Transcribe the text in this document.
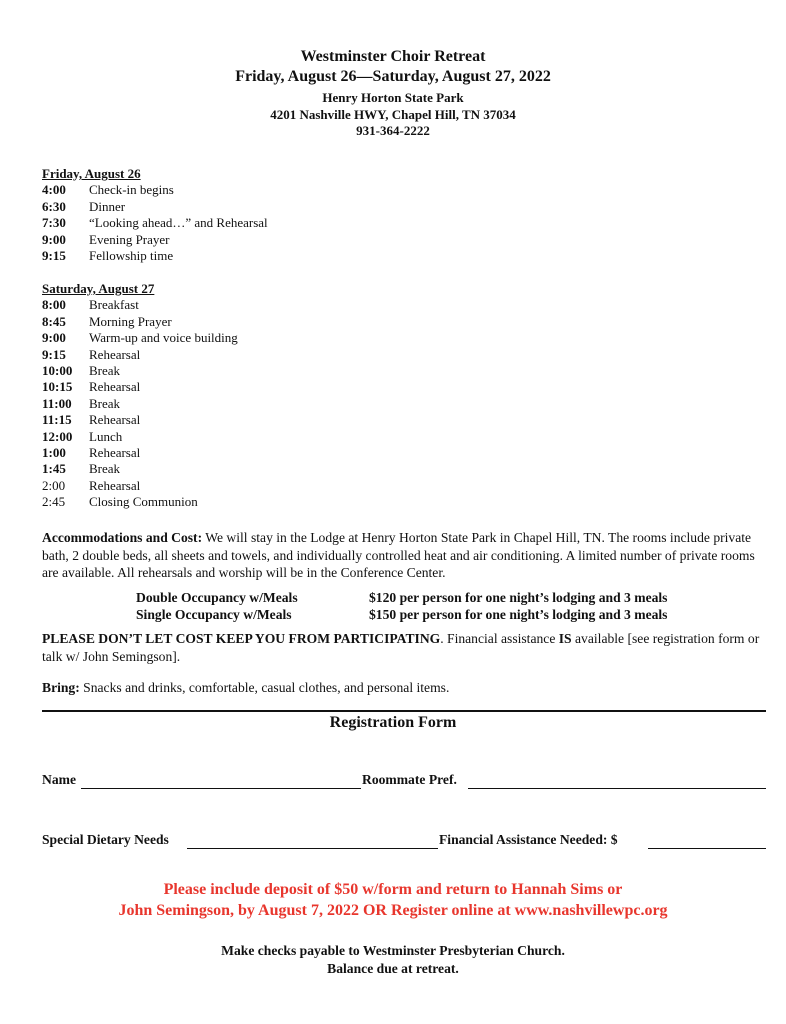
Westminster Choir Retreat
Friday, August 26—Saturday, August 27, 2022
Henry Horton State Park
4201 Nashville HWY, Chapel Hill, TN 37034
931-364-2222
Friday, August 26
4:00	Check-in begins
6:30	Dinner
7:30	“Looking ahead…” and Rehearsal
9:00	Evening Prayer
9:15	Fellowship time
Saturday, August 27
8:00	Breakfast
8:45	Morning Prayer
9:00	Warm-up and voice building
9:15	Rehearsal
10:00	Break
10:15	Rehearsal
11:00	Break
11:15	Rehearsal
12:00	Lunch
1:00	Rehearsal
1:45	Break
2:00	Rehearsal
2:45	Closing Communion
Accommodations and Cost: We will stay in the Lodge at Henry Horton State Park in Chapel Hill, TN. The rooms include private bath, 2 double beds, all sheets and towels, and individually controlled heat and air conditioning. A limited number of private rooms are available. All rehearsals and worship will be in the Conference Center.
Double Occupancy w/Meals	$120 per person for one night’s lodging and 3 meals
Single Occupancy w/Meals	$150 per person for one night’s lodging and 3 meals
PLEASE DON’T LET COST KEEP YOU FROM PARTICIPATING. Financial assistance IS available [see registration form or talk w/ John Semingson].
Bring: Snacks and drinks, comfortable, casual clothes, and personal items.
Registration Form
Name	Roommate Pref.
Special Dietary Needs	Financial Assistance Needed: $
Please include deposit of $50 w/form and return to Hannah Sims or
John Semingson, by August 7, 2022 OR Register online at www.nashvillewpc.org
Make checks payable to Westminster Presbyterian Church.
Balance due at retreat.
